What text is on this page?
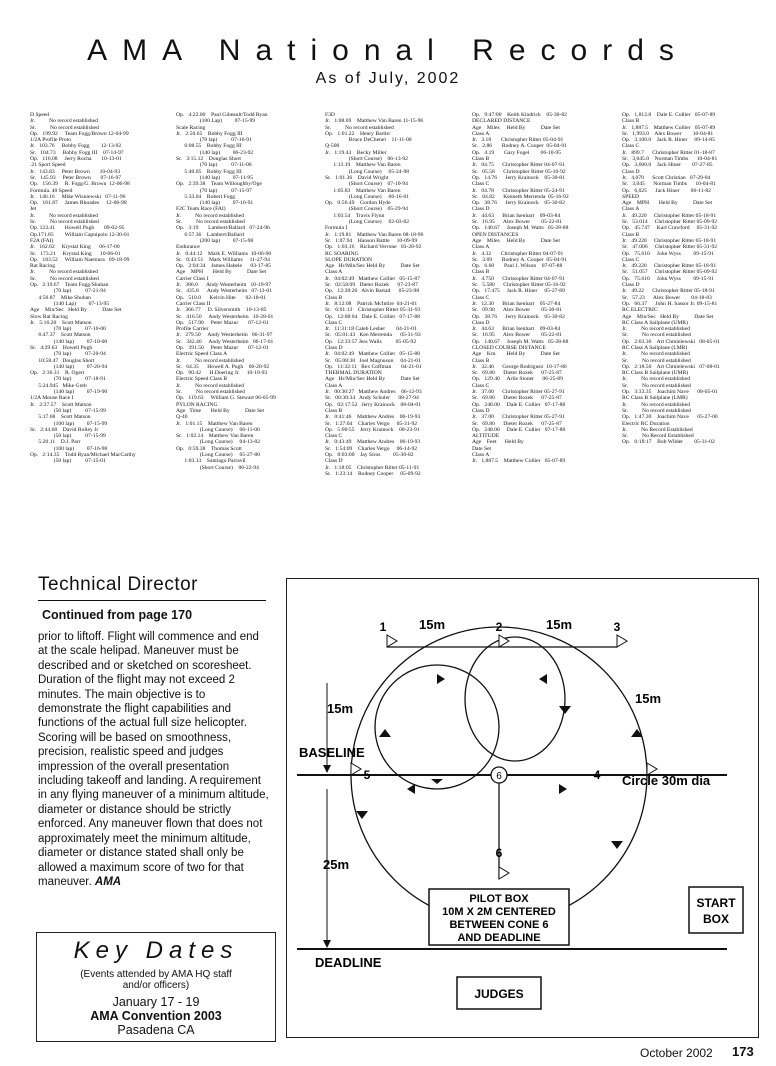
AMA National Records
As of July, 2002
D Speed
Jr.          No record established
Sr.          No record established
Op.   199.92     Team Fogg/Brown 12-04-99
1/2A Profile Proto
Jr.   103.76     Bobby Fogg        12-13-92
Sr.   104.73     Bobby Fogg III    07-14-97
Op.   116.08     Jerry Rocha       10-13-01
.21 Sport Speed
Jr.   143.83     Peter Brown       10-04-93
Sr.   145.93     Peter Brown       07-16-97
Op.   156.39     R. Fogg/G. Brown  12-06-98
Formula. 40 Speed
Jr.   146.16     Mike Wisniewski   07-11-96
Op.   161.87     James Rhoades     12-06-98
Jet
Jr.          No record established
Sr.          No record established
Op. 123.41       Howell Pugh       09-02-95
Op.171.85        William Capnipolo 12-30-01
F2A (FAI)
Jr.   162.62     Krystal King      06-17-00
Sr.   173.21     Krystal King      10-06-01
Op.   183.52     William Naemura   09-18-99
Rat Racing
Jr.          No record established
Sr.          No record established
Op.   2:19.67    Team Fogg/Shuhan
(70 lap)          07-21-94
4:50.87    Mike Shuhan
(140 Lap)         07-13-95
Age    Min/Sec   Held By           Date Set
Slow Rat Racing
Jr.   5:16.20    Scott Matson
(70 lap)          07-10-00
6:47.37    Scott Matson
(140 lap)         07-10-00
Sr.   4:29.63    Howell Pugh
(70 lap)          07-20-94
10:58.47   Douglas Short
(140 lap)         07-20-94
Op.   2:36.31    R. Ogert
(70 lap)          07-18-91
5:24.945   Mike Greb
(140 lap)         07-19-90
1/2A Mouse Race I
Jr.   2:37.57    Scott Matson
(50 lap)          07-15-99
5:17.68    Scott Matson
(100 lap)         07-15-99
Sr.   2:44.68    David Rolley Jr
(50 lap)          07-15-99
5:20.11    D.J. Parr
(100 lap)         07-16-98
Op.   2:14.35    Todd Ryan/Michael MacCarthy
(50 lap)          07-15-01
Op.   4:22.00    Paul Gibeault/Todd Ryan
(100 Lap)         07-15-99
Scale Racing
Jr.   2:50.65    Bobby Fogg III
(70 lap)          07-16-91
6:08.55    Bobby Fogg III
(140 lap)         06-23-92
Sr.   3:15.12    Douglas Short
(70 lap)          07-11-00
5:40.05    Bobby Fogg III
(140 lap)         07-11-95
Op.   2:39.38    Team Willoughby/Oge
(70 lap)          07-15-97
5:33.04    Robert Fogg
(140 lap)         07-16-91
F2C Team Race (FAI)
Jr.          No record established
Sr.          No record established
Op.   3:19       Lambert/Ballard   07-24-96
6:57.36    Lambert/Ballard
(200 lap)         07-15-98
Endurance
Jr.   0:44:12    Mark E. Williams  10-06-90
Sr.   0:43:51    Mark Williams     11-27-94
Op.   2:04:34    James Habele      03-17-85
Age    MPH       Held By           Date Set
Carrier Class I
Jr.   386.0      Andy Westerheim   10-19-97
Sr.   435.8      Andy Westerheim   07-13-01
Op.   510.0      Kelvin Hite       02-18-01
Carrier Class II
Jr.   366.77     D. Silversmith    10-13-85
Sr.   416.50     Andy Westerheim   10-28-01
Op.   517.90     Peter Mazur       07-12-01
Profile Carrier
Jr.   279.50     Andy Westerheim   06-31-97
Sr.   342.40     Andy Westerheim   06-17-01
Op.   391.50     Peter Mazur       07-12-01
Electric Speed Class A
Jr.          No record established
Sr.   64.35      Howell A. Pugh    06-20-92
Op.   90.42      H.Doering Jr.     10-10-93
Electric Speed Class B
Jr.          No record established
Sr.          No record established
Op.   119.63     William G. Stewart 06-05-99
PYLON RACING
Age   Time       Held By           Date Set
Q-40
Jr.   1:01.15    Matthew Van Baren
(Long Course)     06-11-00
Sr.   1:02.14    Matthew Van Baren
(Long Course)     04-13-02
Op.   0:59.38    Thomas Scott
(Long Course)     05-27-00
1:03.13    Santiago Parravil
(Short Course)    06-22-94
F3D
Jr.   1:08.69    Matthew Van Baren 11-15-96
Sr.          No record established
Op.   1:01.22    Henry Bartle/
Bruce DeChenel    11-11-00
Q-500
Jr.   1:19.43    Becky Miller
(Short Course)    06-13-92
1:13.19    Matthew Van Baren
(Long Course)     05-24-98
Sr.   1:01.36    David Wright
(Short Course)    07-10-94
1:05.83    Matthew Van Baren
(Long Course)     06-16-01
Op.   0:56.49    Gordon Hyde
(Short Course)    05-29-94
1:03.54    Travis Flynn
(Long Course)     02-03-02
Formula I
Jr.   1:19.81    Matthew Van Baren 08-18-96
Sr.   1:07.94    Hanson Battle     10-09-99
Op.   1:03.16    Richard Verrone   03-28-92
RC SOARING
SLOPE DURATION
Age   Hr/Min/Sec Held By           Date Set
Class A
Jr.   04:02:49   Matthew Collier   05-15-87
Sr.   02:58:09   Dieter Rozek      07-23-87
Op.   12:28:20   Alvin Bartad      05-23-98
Class B
Jr.   8:12:08    Patrick McIntire  04-21-01
Sr.   6:01:13    Christopher Ritter 05-31-93
Op.   12:08:04   Dale E. Collier   07-17-88
Class C
Jr.   11:31:18 Caleb Lesher        04-21-01
Sr.   05:01:43   Ken Merrenda      05-31-93
Op.   12:33:57 Jess Walls          05-05-92
Class D
Jr.   04:02:49   Matthew Collier   05-15-88
Sr.   05:08:30   Joel Magnuson     04-21-01
Op.   11:32:11   Rex Coffman       04-21-01
THERMAL DURATION
Age   Hr/Min/Sec Held By           Date Set
Class A
Jr.   00:30:27   Matthew Andres    06-12-93
Sr.   00:30:34   Andy Schuler      08-27-94
Op.   02:17:52   Jerry Krainock    08-04-01
Class B
Jr.   0:41:46    Matthew Andres    06-19-93
Sr.   1:27:04    Charles Vergo     05-31-92
Op.   5:00:55    Jerry Krainock    08-23-91
Class C
Jr.   0:43:49    Matthew Andres    06-19-93
Sr.   1:54:09    Charles Vergo     06-14-92
Op.   8:03:00    Jay Siros         05-30-82
Class D
Jr.   1:18:05    Christopher Ritter 05-11-91
Sr.   1:23:14    Rodney Cooper     05-09-92
Op.   9:47:00    Keith Kindrick    05-30-82
DECLARED DISTANCE
Age    Miles     Held By           Date Set
Class A
Jr.   3.18       Christopher Ritter 05-04-91
Sr.   2.86       Rodney A. Cooper  05-04-91
Op.   4.19       Gary Fogel        06-10-95
Class B
Jr.   04.75      Christopher Ritter 04-07-91
Sr.   05.58      Christopher Ritter 05-16-92
Op.   14.76      Jerry Krainock    05-30-81
Class C
Jr.   04.78      Christopher Ritter 05-24-91
Sr.   04.82      Kenneth Merrenda  05-16-92
Op.   38.76      Jerry Krainock    05-30-82
Class D
Jr.   44.63      Brian Isenhart    09-03-84
Sr.   16.95      Alex Bower        05-22-81
Op.   140.67     Joseph M. Watts   05-28-88
OPEN DISTANCES
Age    Miles     Held By           Date Set
Class A
Jr.   4.32       Christopher Ritter 04-07-91
Sr.   3.69       Rodney A. Cooper  05-04-91
Op.   6.60       Paul J. Wilson    07-07-88
Class B
Jr.   4.750      Christopher Ritter 04-07-91
Sr.   5.580      Christopher Ritter 05-16-92
Op.   17.475     Jack R. Hiner     05-27-89
Class C
Jr.   12.30      Brian Isenhart    05-27-84
Sr.   09.90      Alex Bower        05-30-81
Op.   38.76      Jerry Krainock    05-30-82
Class D
Jr.   44.63      Brian Isenhart    09-03-84
Sr.   16.95      Alex Bower        05-22-81
Op.   140.67     Joseph M. Watts   05-28-88
CLOSED COURSE DISTANCE
Age    Km.       Held By           Date Set
Class B
Jr.   32.46      George Rodriguez  10-17-86
Sr.   69.80      Dieter Rozek      07-25-87
Op.   129.40     Arlie Stoner      06-25-89
Class C
Jr.   37.00      Christopher Ritter 05-27-91
Sr.   69.80      Dieter Rozek      07-25-87
Op.   248.00     Dale E. Collier   07-17-88
Class D
Jr.   37.00      Christopher Ritter 05-27-91
Sr.   69.80      Dieter Rozek      07-25-87
Op.   248.00     Dale E. Collier   07-17-88
ALTITUDE
Age    Feet      Held By
Date Set
Class A
Jr.   1,887.5    Matthew Collier   05-07-89
Op.   1,812.8    Dale E. Collier   05-07-89
Class B
Jr.   1,887.5    Matthew Collier   05-07-89
Sr.   1,993.0    Alex Bower        10-04-81
Op.   3,100.0    Jack R. Hiner     09-14-85
Class C
Jr.   899.7      Christopher Ritter 01-18-87
Sr.   3,045.0    Norman Timbs      10-04-81
Op.   3,600.0    Jack Hiner        07-27-85
Class D
Jr.   4,070      Scott Christian   07-29-84
Sr.   3,045      Norman Timbs      10-04-81
Op.   6,025      Jack Hiner        06-11-82
SPEED
Age    MPH       Held By           Date Set
Class A
Jr.   49.220     Christopher Ritter 05-18-91
Sr.   53.014     Christopher Ritter 05-09-92
Op.   45.747     Karl Crawford     05-31-92
Class B
Jr.   49.220     Christopher Ritter 05-18-91
Sr.   47.006     Christopher Ritter 05-31-92
Op.   75.610     John Wyss         09-15-91
Class C
Jr.   49.220     Christopher Ritter 05-18-91
Sr.   51.057     Christopher Ritter 05-09-92
Op.   75.610     John Wyss         09-15-91
Class D
Jr.   49.22      Christopher Ritter 05-18-91
Sr.   57.23      Alex Bower        04-18-83
Op.   66.37      John H. Sassor Jr. 09-15-81
RC ELECTRIC
Age    Min/Sec   Held By           Date Set
RC Class A Sailplane (UMR)
Jr.          No record established
Sr.          No record established
Op.   2:03.36    Art Chmielewski   08-05-01
RC Class A Sailplane (LMR)
Jr.          No record established
Sr.          No record established
Op.   2:18.50    Art Chmielewski   07-08-01
RC Class B Sailplane (UMR)
Jr.          No record established
Sr.          No record established
Op.   3:33.35    Joachim Nave      08-05-01
RC Class B Sailplane (LMR)
Jr.          No record established
Sr.          No record established
Op.   1:47.30    Joachim Nave      05-27-00
Electric RC Duration
Jr.          No Record Established
Sr.          No Record Established
Op.   0:18:17    Bob Wilder        05-31-02
Technical Director
Continued from page 170
prior to liftoff. Flight will commence and end at the scale helipad. Maneuver must be described and or sketched on scoresheet. Duration of the flight may not exceed 2 minutes. The main objective is to demonstrate the flight capabilities and functions of the actual full size helicopter. Scoring will be based on smoothness, precision, realistic speed and judges impression of the overall presentation including takeoff and landing. A requirement in any flying maneuver of a minimum altitude, diameter or distance should be strictly enforced. Any maneuver flown that does not approximately meet the minimum altitude, diameter or distance stated shall only be allowed a maximum score of two for that maneuver. AMA
Key Dates
(Events attended by AMA HQ staff
and/or officers)
January 17 - 19
AMA Convention 2003
Pasadena CA
6
1	2	3
4
5
6
15m	15m
15m
15m
25m
BASELINE
DEADLINE
Circle 30m dia
PILOT BOX
10M X 2M CENTERED
BETWEEN CONE 6
AND DEADLINE
START
BOX
JUDGES
October 2002 173
